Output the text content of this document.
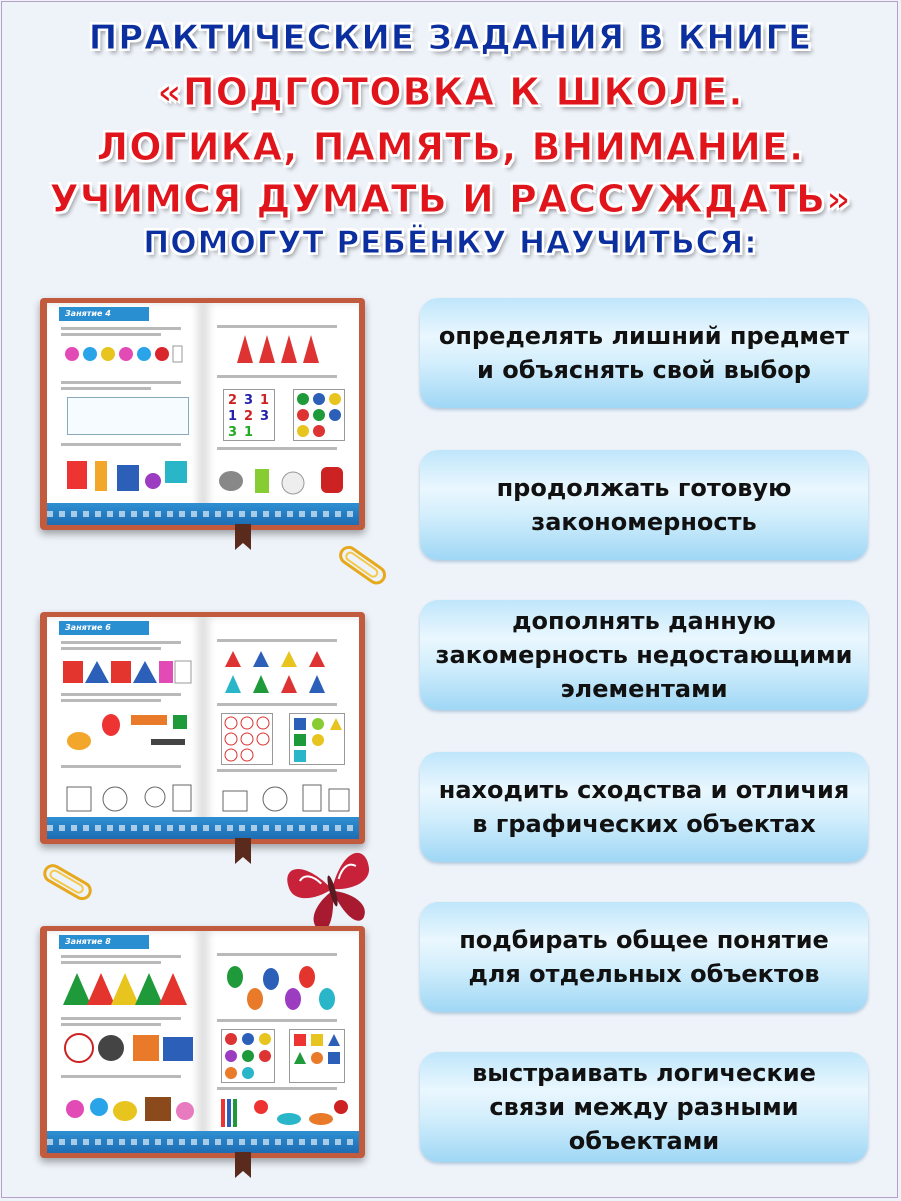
ПРАКТИЧЕСКИЕ ЗАДАНИЯ В КНИГЕ
«ПОДГОТОВКА К ШКОЛЕ.
ЛОГИКА, ПАМЯТЬ, ВНИМАНИЕ.
УЧИМСЯ ДУМАТЬ И РАССУЖДАТЬ»
ПОМОГУТ РЕБЁНКУ НАУЧИТЬСЯ:
определять лишний предмет
и объяснять свой выбор
продолжать готовую
закономерность
дополнять данную
закомерность недостающими
элементами
находить сходства и отличия
в графических объектах
подбирать общее понятие
для отдельных объектов
выстраивать логические
связи между разными
объектами
Занятие 4
2 3 1
1 2 3
3 1
Занятие 6
Занятие 8
